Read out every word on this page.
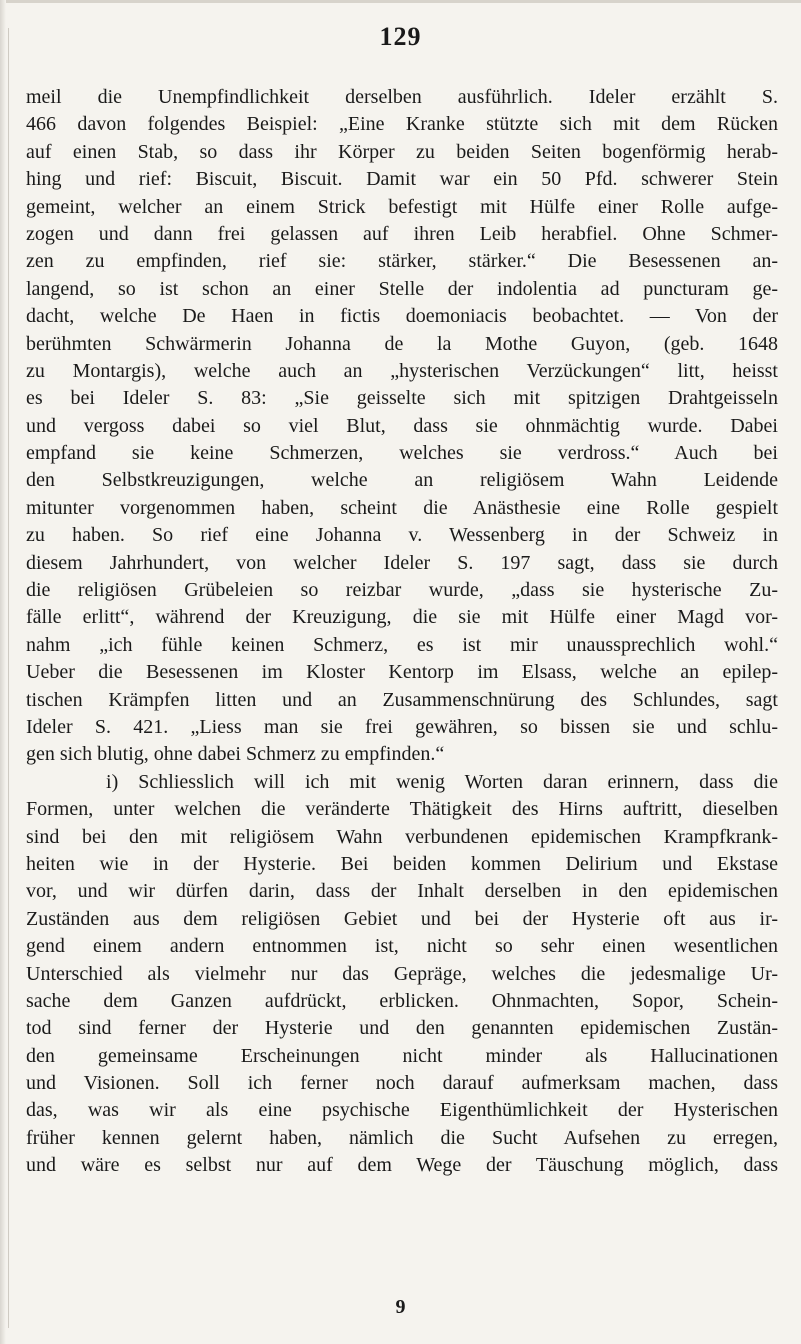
129
meil die Unempfindlichkeit derselben ausführlich. Ideler erzählt S.
466 davon folgendes Beispiel: „Eine Kranke stützte sich mit dem Rücken
auf einen Stab, so dass ihr Körper zu beiden Seiten bogenförmig herab-
hing und rief: Biscuit, Biscuit. Damit war ein 50 Pfd. schwerer Stein
gemeint, welcher an einem Strick befestigt mit Hülfe einer Rolle aufge-
zogen und dann frei gelassen auf ihren Leib herabfiel. Ohne Schmer-
zen zu empfinden, rief sie: stärker, stärker.“ Die Besessenen an-
langend, so ist schon an einer Stelle der indolentia ad puncturam ge-
dacht, welche De Haen in fictis doemoniacis beobachtet. — Von der
berühmten Schwärmerin Johanna de la Mothe Guyon, (geb. 1648
zu Montargis), welche auch an „hysterischen Verzückungen“ litt, heisst
es bei Ideler S. 83: „Sie geisselte sich mit spitzigen Drahtgeisseln
und vergoss dabei so viel Blut, dass sie ohnmächtig wurde. Dabei
empfand sie keine Schmerzen, welches sie verdross.“ Auch bei
den Selbstkreuzigungen, welche an religiösem Wahn Leidende
mitunter vorgenommen haben, scheint die Anästhesie eine Rolle gespielt
zu haben. So rief eine Johanna v. Wessenberg in der Schweiz in
diesem Jahrhundert, von welcher Ideler S. 197 sagt, dass sie durch
die religiösen Grübeleien so reizbar wurde, „dass sie hysterische Zu-
fälle erlitt“, während der Kreuzigung, die sie mit Hülfe einer Magd vor-
nahm „ich fühle keinen Schmerz, es ist mir unaussprechlich wohl.“
Ueber die Besessenen im Kloster Kentorp im Elsass, welche an epilep-
tischen Krämpfen litten und an Zusammenschnürung des Schlundes, sagt
Ideler S. 421. „Liess man sie frei gewähren, so bissen sie und schlu-
gen sich blutig, ohne dabei Schmerz zu empfinden.“
i) Schliesslich will ich mit wenig Worten daran erinnern, dass die
Formen, unter welchen die veränderte Thätigkeit des Hirns auftritt, dieselben
sind bei den mit religiösem Wahn verbundenen epidemischen Krampfkrank-
heiten wie in der Hysterie. Bei beiden kommen Delirium und Ekstase
vor, und wir dürfen darin, dass der Inhalt derselben in den epidemischen
Zuständen aus dem religiösen Gebiet und bei der Hysterie oft aus ir-
gend einem andern entnommen ist, nicht so sehr einen wesentlichen
Unterschied als vielmehr nur das Gepräge, welches die jedesmalige Ur-
sache dem Ganzen aufdrückt, erblicken. Ohnmachten, Sopor, Schein-
tod sind ferner der Hysterie und den genannten epidemischen Zustän-
den gemeinsame Erscheinungen nicht minder als Hallucinationen
und Visionen. Soll ich ferner noch darauf aufmerksam machen, dass
das, was wir als eine psychische Eigenthümlichkeit der Hysterischen
früher kennen gelernt haben, nämlich die Sucht Aufsehen zu erregen,
und wäre es selbst nur auf dem Wege der Täuschung möglich, dass
9
